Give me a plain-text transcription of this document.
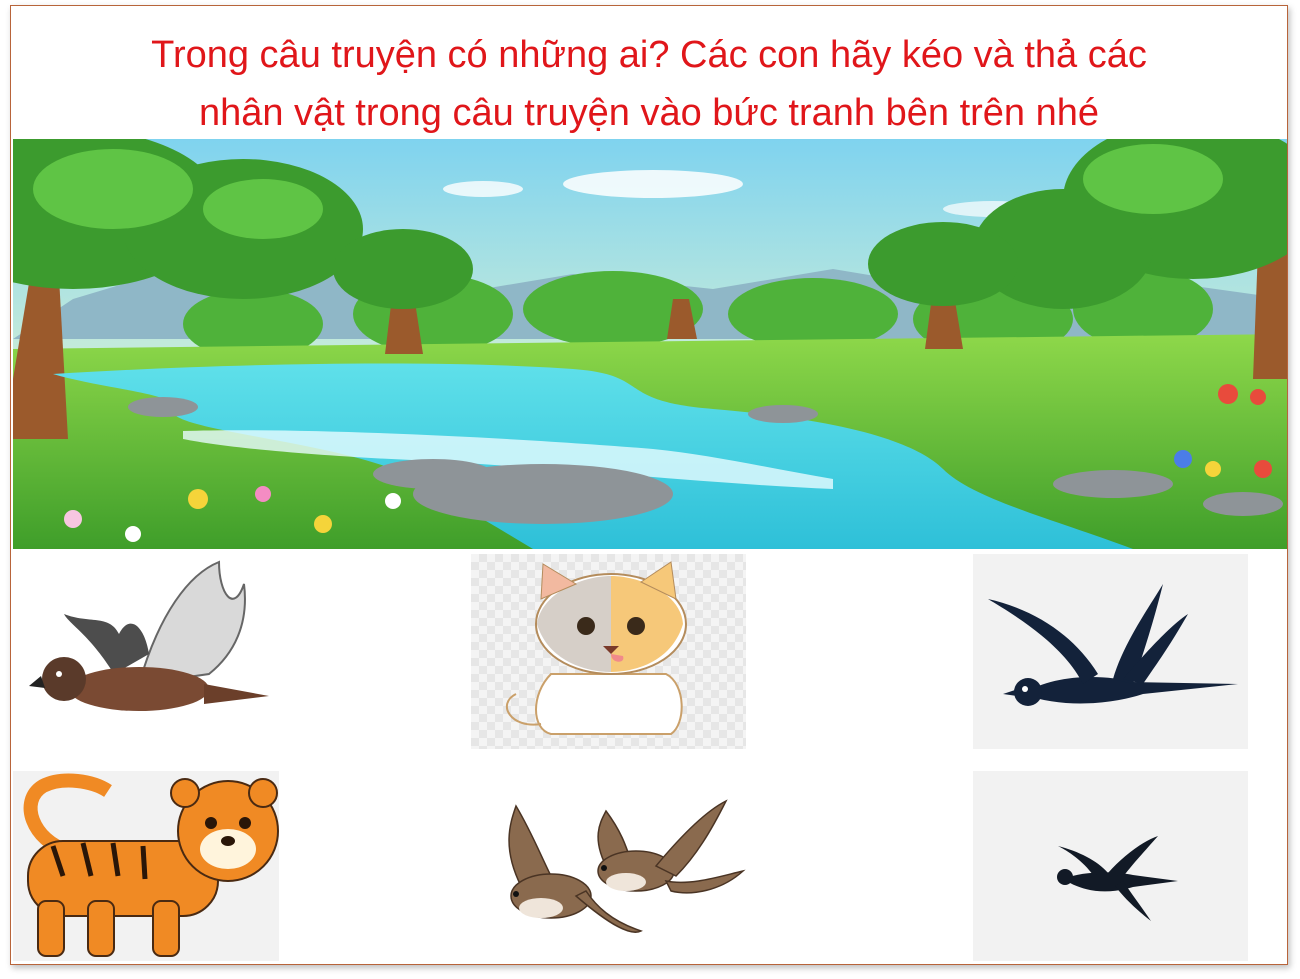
Trong câu truyện có những ai? Các con hãy kéo và thả các
nhân vật trong câu truyện vào bức tranh bên trên nhé
